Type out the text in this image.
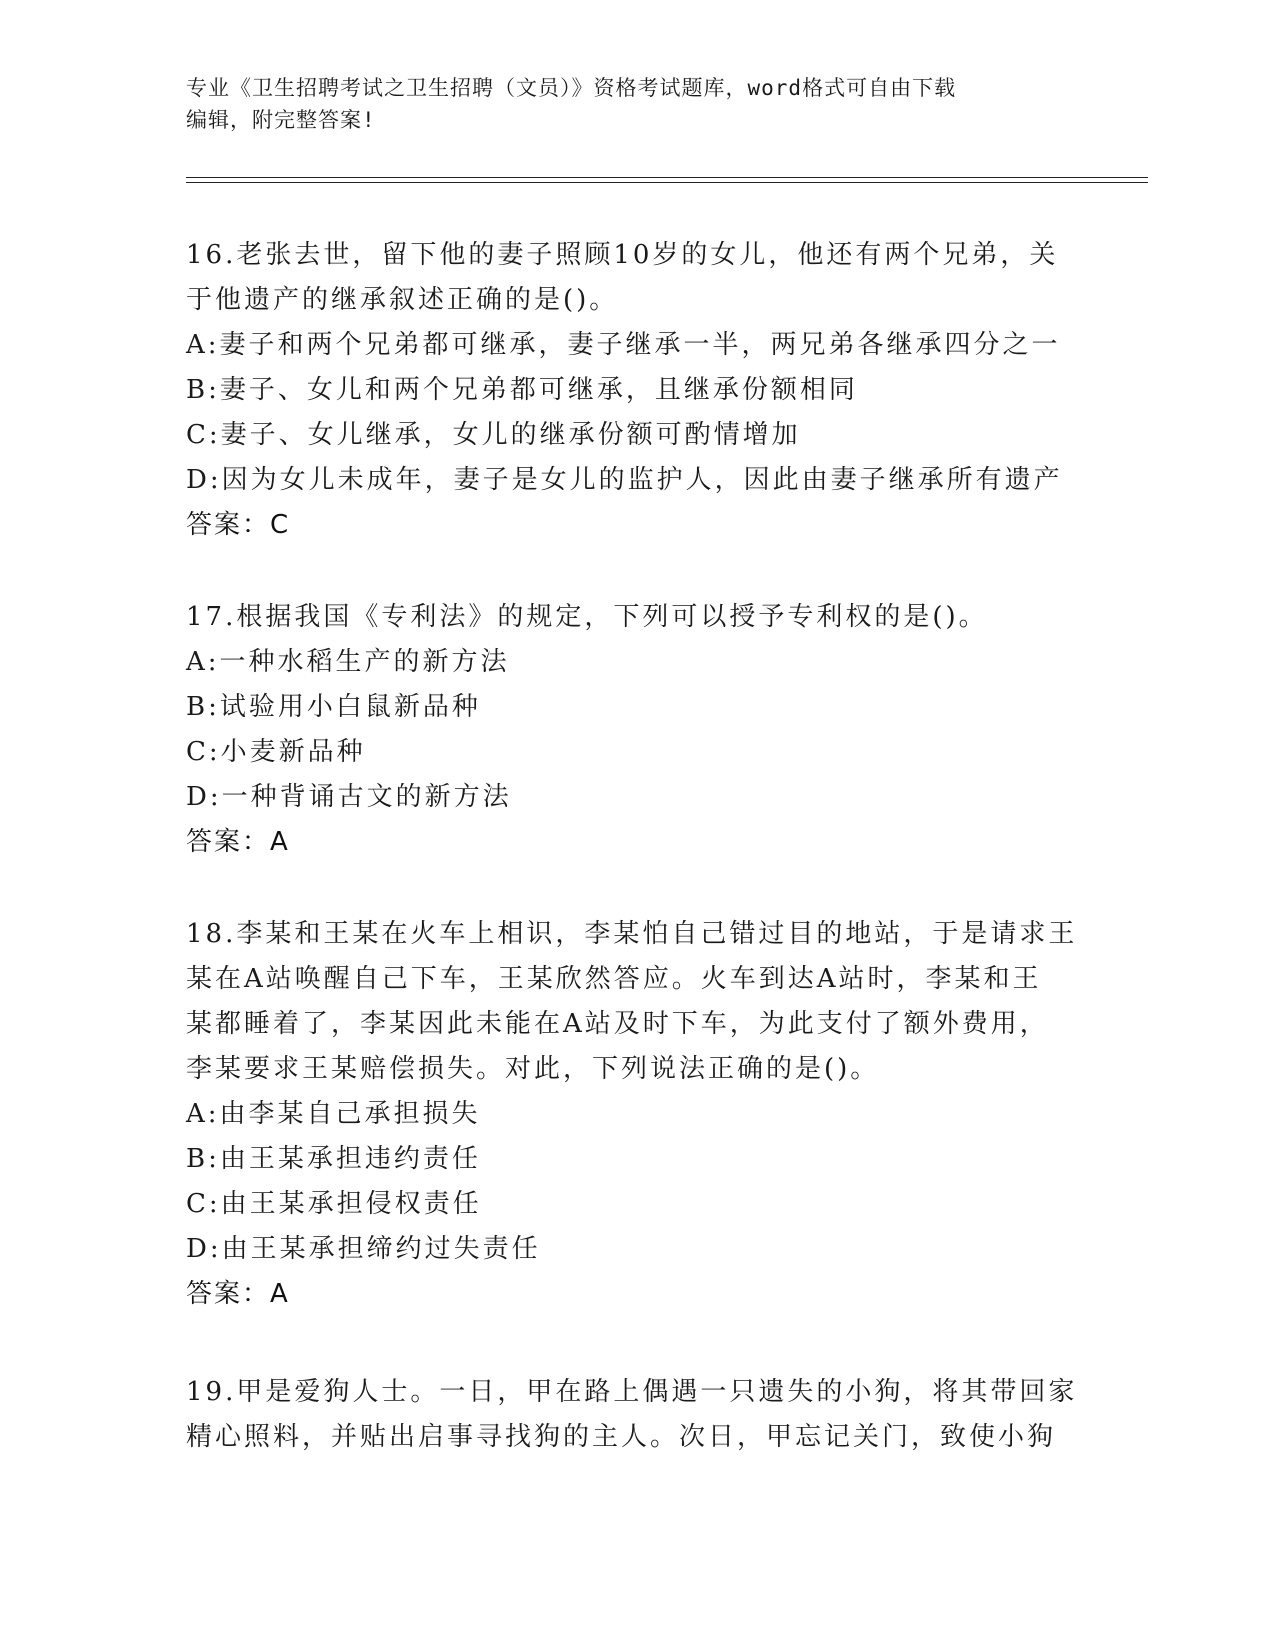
专业《卫生招聘考试之卫生招聘（文员）》资格考试题库，word格式可自由下载
编辑，附完整答案!
16.老张去世，留下他的妻子照顾10岁的女儿，他还有两个兄弟，关
于他遗产的继承叙述正确的是()。
A:妻子和两个兄弟都可继承，妻子继承一半，两兄弟各继承四分之一
B:妻子、女儿和两个兄弟都可继承，且继承份额相同
C:妻子、女儿继承，女儿的继承份额可酌情增加
D:因为女儿未成年，妻子是女儿的监护人，因此由妻子继承所有遗产
答案：C
17.根据我国《专利法》的规定，下列可以授予专利权的是()。
A:一种水稻生产的新方法
B:试验用小白鼠新品种
C:小麦新品种
D:一种背诵古文的新方法
答案：A
18.李某和王某在火车上相识，李某怕自己错过目的地站，于是请求王
某在A站唤醒自己下车，王某欣然答应。火车到达A站时，李某和王
某都睡着了，李某因此未能在A站及时下车，为此支付了额外费用，
李某要求王某赔偿损失。对此，下列说法正确的是()。
A:由李某自己承担损失
B:由王某承担违约责任
C:由王某承担侵权责任
D:由王某承担缔约过失责任
答案：A
19.甲是爱狗人士。一日，甲在路上偶遇一只遗失的小狗，将其带回家
精心照料，并贴出启事寻找狗的主人。次日，甲忘记关门，致使小狗
